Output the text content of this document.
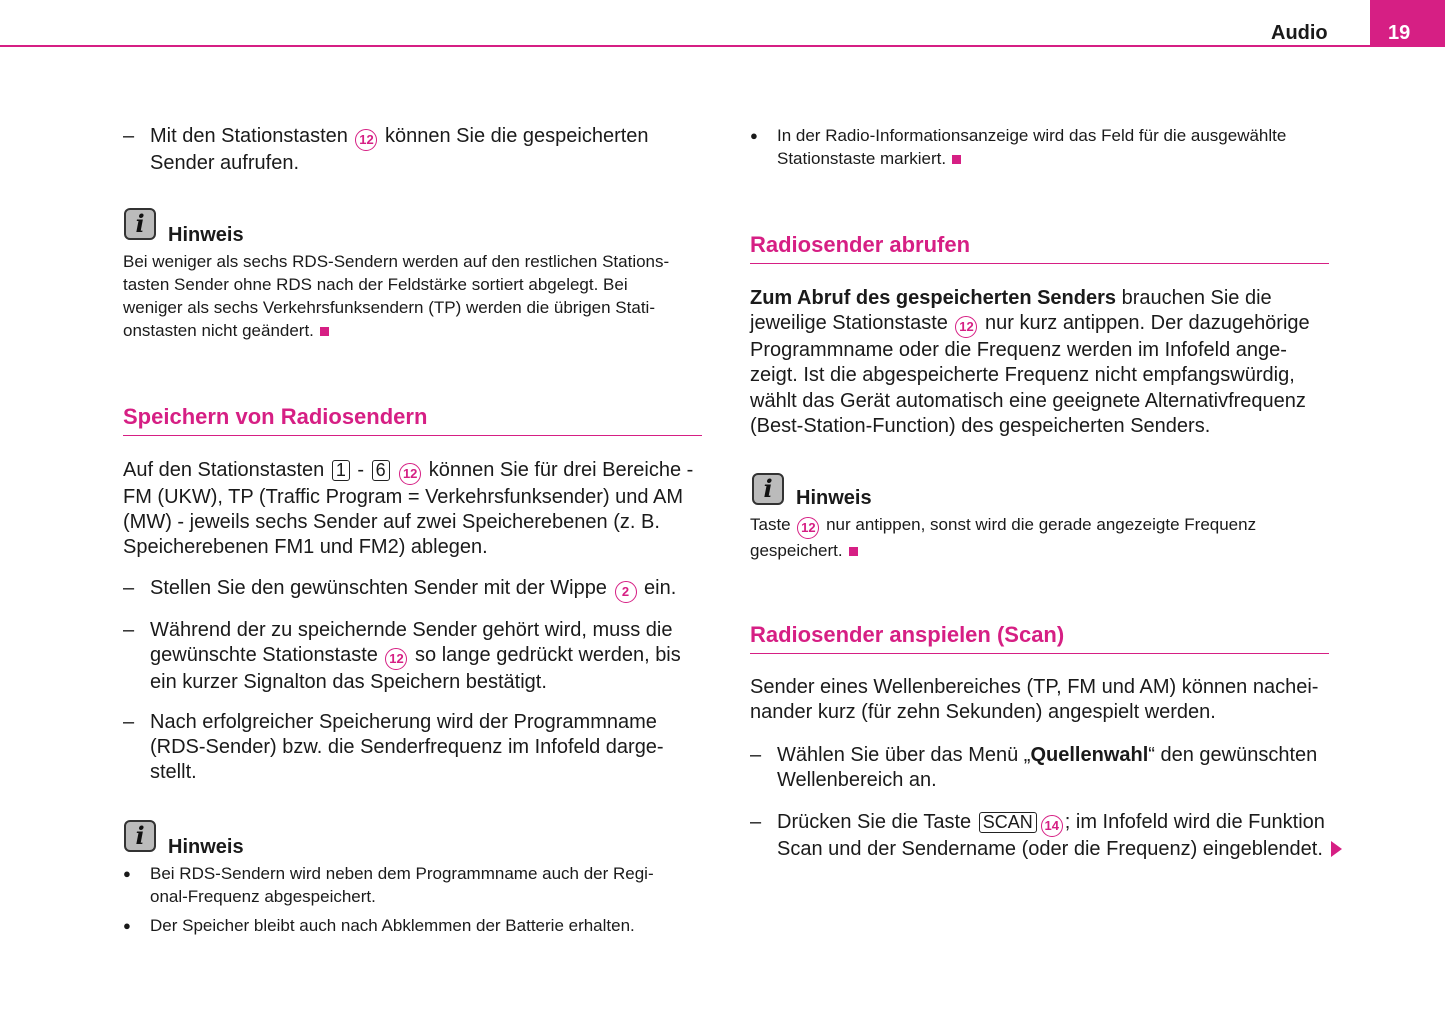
Audio	19
– Mit den Stationstasten 12 können Sie die gespeicherten
Sender aufrufen.
i	Hinweis
Bei weniger als sechs RDS-Sendern werden auf den restlichen Stations-
tasten Sender ohne RDS nach der Feldstärke sortiert abgelegt. Bei
weniger als sechs Verkehrsfunksendern (TP) werden die übrigen Stati-
onstasten nicht geändert.
Speichern von Radiosendern
Auf den Stationstasten 1 - 6 12 können Sie für drei Bereiche -
FM (UKW), TP (Traffic Program = Verkehrsfunksender) und AM
(MW) - jeweils sechs Sender auf zwei Speicherebenen (z. B.
Speicherebenen FM1 und FM2) ablegen.
– Stellen Sie den gewünschten Sender mit der Wippe 2 ein.
– Während der zu speichernde Sender gehört wird, muss die
gewünschte Stationstaste 12 so lange gedrückt werden, bis
ein kurzer Signalton das Speichern bestätigt.
– Nach erfolgreicher Speicherung wird der Programmname
(RDS-Sender) bzw. die Senderfrequenz im Infofeld darge-
stellt.
i	Hinweis
● Bei RDS-Sendern wird neben dem Programmname auch der Regi-
onal-Frequenz abgespeichert.
● Der Speicher bleibt auch nach Abklemmen der Batterie erhalten.
● In der Radio-Informationsanzeige wird das Feld für die ausgewählte
Stationstaste markiert.
Radiosender abrufen
Zum Abruf des gespeicherten Senders brauchen Sie die
jeweilige Stationstaste 12 nur kurz antippen. Der dazugehörige
Programmname oder die Frequenz werden im Infofeld ange-
zeigt. Ist die abgespeicherte Frequenz nicht empfangswürdig,
wählt das Gerät automatisch eine geeignete Alternativfrequenz
(Best-Station-Function) des gespeicherten Senders.
i	Hinweis
Taste 12 nur antippen, sonst wird die gerade angezeigte Frequenz
gespeichert.
Radiosender anspielen (Scan)
Sender eines Wellenbereiches (TP, FM und AM) können nachei-
nander kurz (für zehn Sekunden) angespielt werden.
– Wählen Sie über das Menü „Quellenwahl“ den gewünschten
Wellenbereich an.
– Drücken Sie die Taste SCAN 14 ; im Infofeld wird die Funktion
Scan und der Sendername (oder die Frequenz) eingeblendet.
